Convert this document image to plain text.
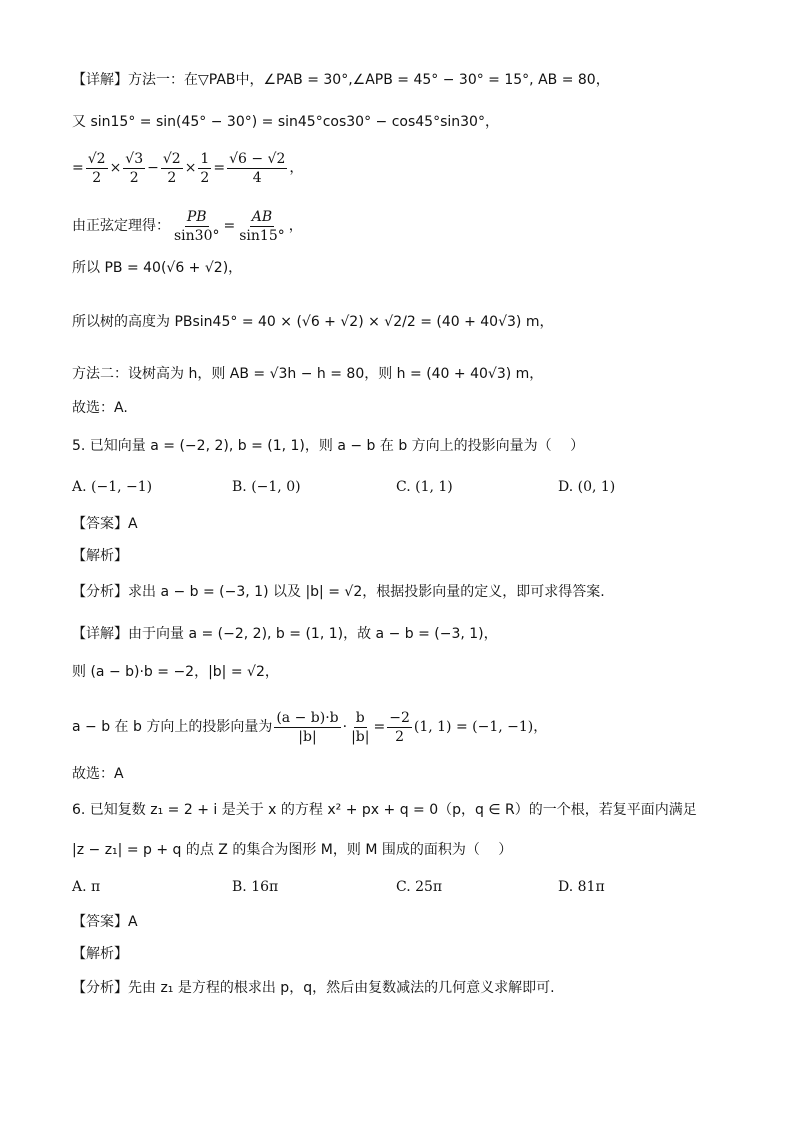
【详解】方法一：在▽PAB中，∠PAB = 30°,∠APB = 45° − 30° = 15°, AB = 80，
又 sin15° = sin(45° − 30°) = sin45°cos30° − cos45°sin30°，
= $\frac{√2}{2} \times \frac{√3}{2} - \frac{√2}{2} \times \frac{1}{2} = \frac{√6 - √2}{4}$ ，
由正弦定理得： $\frac{PB}{\sin 30^\circ} = \frac{AB}{\sin 15^\circ}$ ，
所以 PB = 40(√6 + √2)，
所以树的高度为 PBsin45° = 40 × (√6 + √2) × √2/2 = (40 + 40√3) m，
方法二：设树高为 h，则 AB = √3h − h = 80，则 h = (40 + 40√3) m，
故选：A.
5. 已知向量 a = (−2, 2), b = (1, 1)，则 a − b 在 b 方向上的投影向量为（　 ）
A. (−1, −1)	B. (−1, 0)	C. (1, 1)	D. (0, 1)
【答案】A
【解析】
【分析】求出 a − b = (−3, 1) 以及 |b| = √2，根据投影向量的定义，即可求得答案.
【详解】由于向量 a = (−2, 2), b = (1, 1)，故 a − b = (−3, 1)，
则 (a − b)·b = −2，|b| = √2，
a − b 在 b 方向上的投影向量为 $\frac{(a - b)\cdot b}{|b|} \cdot \frac{b}{|b|} = \frac{-2}{2} (1$, 1) = (−1, −1)，
故选：A
6. 已知复数 z₁ = 2 + i 是关于 x 的方程 x² + px + q = 0（p，q ∈ R）的一个根，若复平面内满足
|z − z₁| = p + q 的点 Z 的集合为图形 M，则 M 围成的面积为（　 ）
A. π	B. 16π	C. 25π	D. 81π
【答案】A
【解析】
【分析】先由 z₁ 是方程的根求出 p，q，然后由复数减法的几何意义求解即可.
